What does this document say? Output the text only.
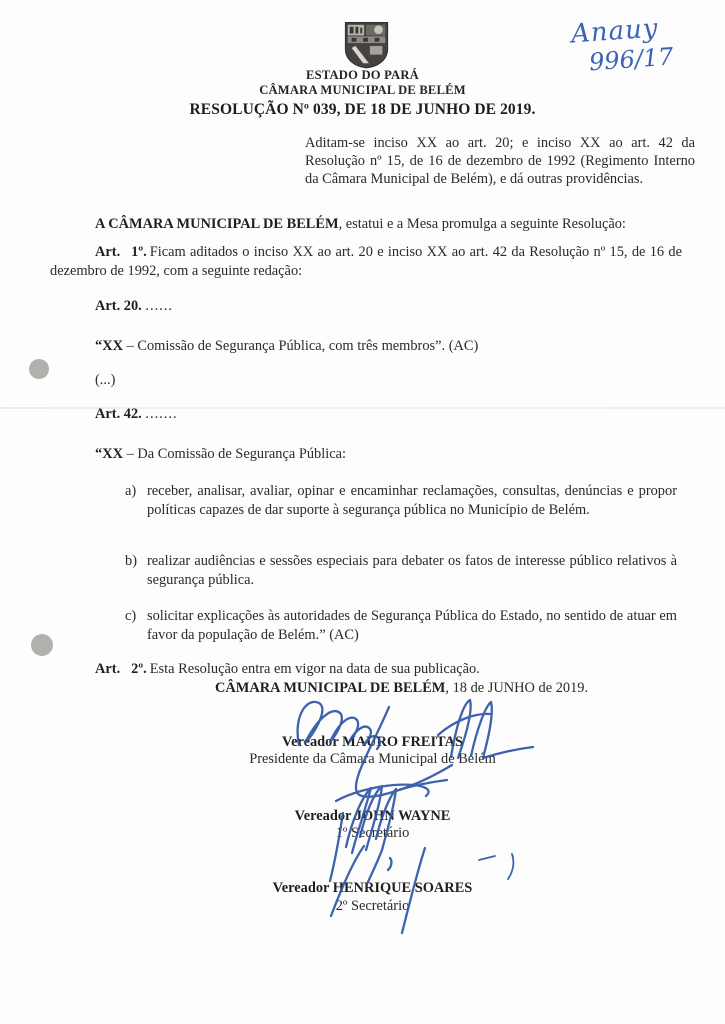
Anauy
996/17
ESTADO DO PARÁ
CÂMARA MUNICIPAL DE BELÉM
RESOLUÇÃO Nº 039, DE 18 DE JUNHO DE 2019.

Aditam-se inciso XX ao art. 20; e inciso XX ao art. 42 da Resolução nº 15, de 16 de dezembro de 1992 (Regimento Interno da Câmara Municipal de Belém), e dá outras providências.

A CÂMARA MUNICIPAL DE BELÉM, estatui e a Mesa promulga a seguinte Resolução:

Art. 1º. Ficam aditados o inciso XX ao art. 20 e inciso XX ao art. 42 da Resolução nº 15, de 16 de dezembro de 1992, com a seguinte redação:

Art. 20. ......

“XX – Comissão de Segurança Pública, com três membros”. (AC)

(...)

Art. 42. .......

“XX – Da Comissão de Segurança Pública:

a) receber, analisar, avaliar, opinar e encaminhar reclamações, consultas, denúncias e propor políticas capazes de dar suporte à segurança pública no Município de Belém.
b) realizar audiências e sessões especiais para debater os fatos de interesse público relativos à segurança pública.
c) solicitar explicações às autoridades de Segurança Pública do Estado, no sentido de atuar em favor da população de Belém.” (AC)

Art. 2º. Esta Resolução entra em vigor na data de sua publicação.

CÂMARA MUNICIPAL DE BELÉM, 18 de JUNHO de 2019.

Vereador MAURO FREITAS

Presidente da Câmara Municipal de Belém

Vereador JOHN WAYNE

1º Secretário

Vereador HENRIQUE SOARES

2º Secretário
